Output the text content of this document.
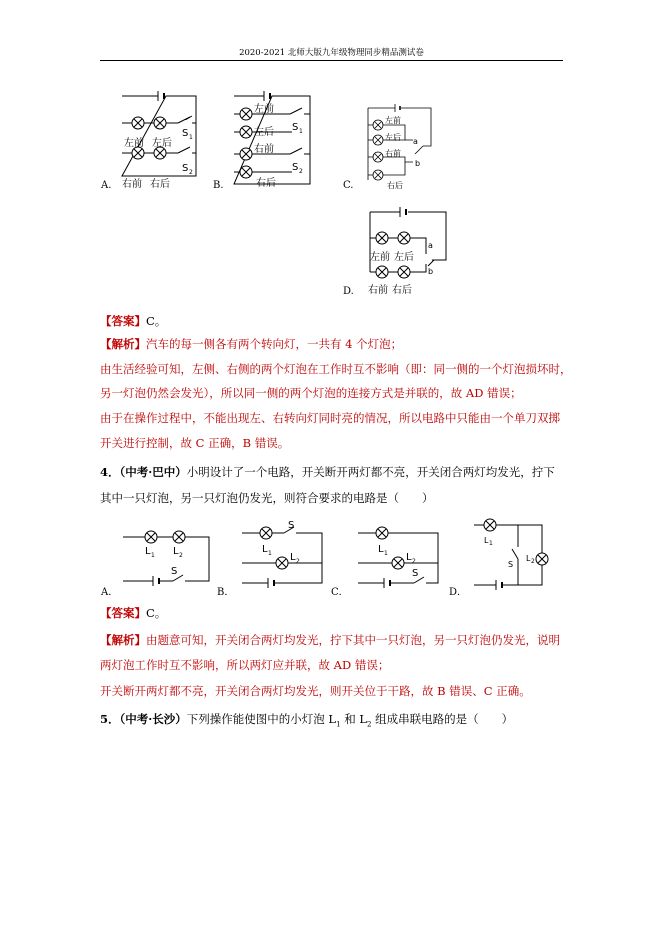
2020-2021 北师大版九年级物理同步精品测试卷
左前 左后
右前 右后
S 1
S 2
A.
左前
左后
右前
右后
S 1
S 2
B.
左前
左后
右前
右后
a
b
C.
左前 左后
右前 右后
a
b
D.
【答案】C。
【解析】汽车的每一侧各有两个转向灯，一共有 4 个灯泡；
由生活经验可知，左侧、右侧的两个灯泡在工作时互不影响（即：同一侧的一个灯泡损坏时，
另一灯泡仍然会发光），所以同一侧的两个灯泡的连接方式是并联的，故 AD 错误；
由于在操作过程中，不能出现左、右转向灯同时亮的情况，所以电路中只能由一个单刀双掷
开关进行控制，故 C 正确，B 错误。
4．（中考·巴中）小明设计了一个电路，开关断开两灯都不亮，开关闭合两灯均发光，拧下
其中一只灯泡，另一只灯泡仍发光，则符合要求的电路是（　　）
L 1 L 2
S
A．
S
L 1 L 2
B．
L 1 L 2
S
C．
L 1
S
L 2
D．
【答案】C。
【解析】由题意可知，开关闭合两灯均发光，拧下其中一只灯泡，另一只灯泡仍发光，说明
两灯泡工作时互不影响，所以两灯应并联，故 AD 错误；
开关断开两灯都不亮，开关闭合两灯均发光，则开关位于干路，故 B 错误、C 正确。
5．（中考·长沙）下列操作能使图中的小灯泡 $L_1$ 和 $L_2$ 组成串联电路的是（　　）
